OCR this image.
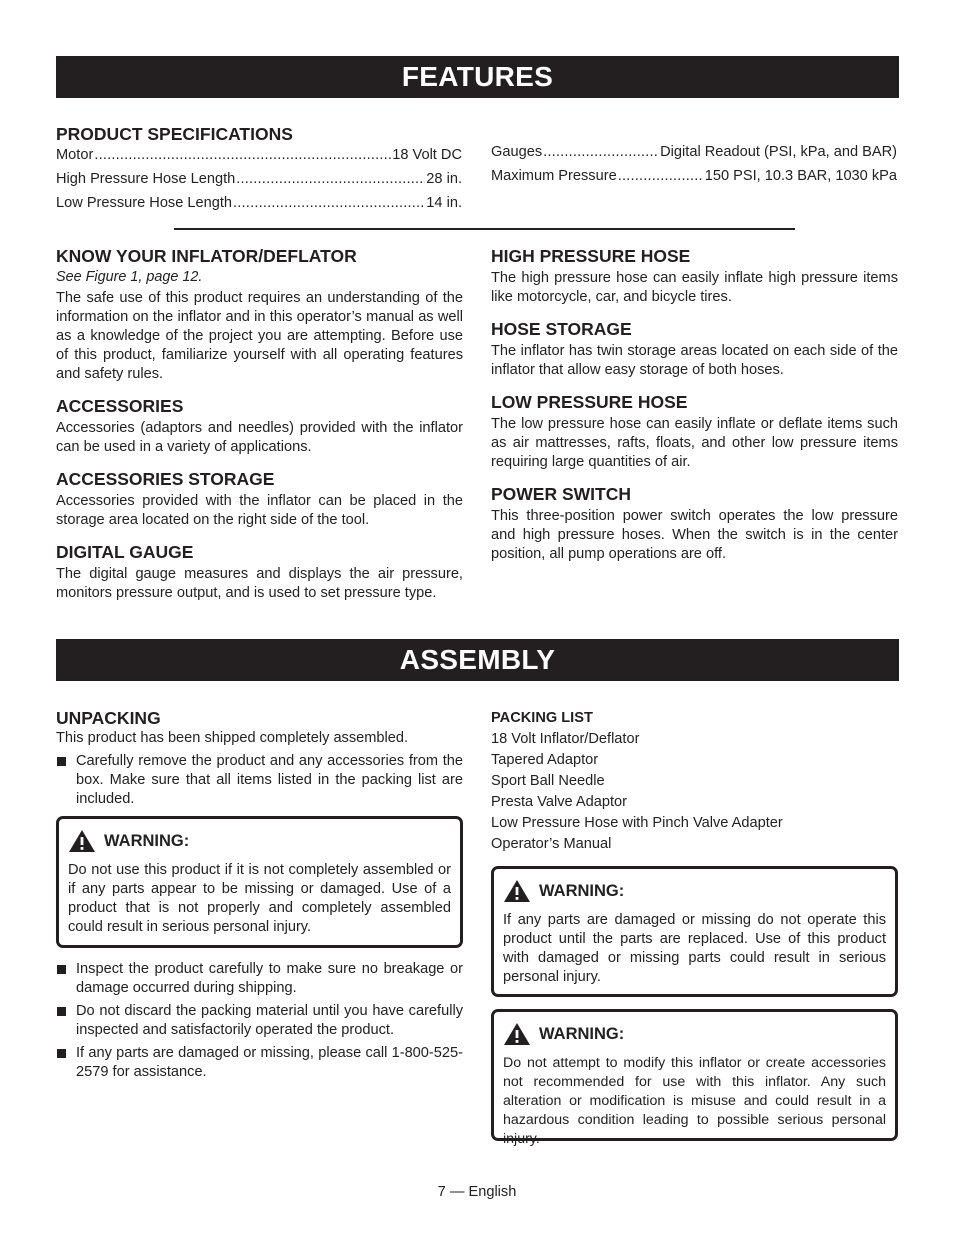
FEATURES
PRODUCT SPECIFICATIONS
Motor .....	18 Volt DC
High Pressure Hose Length .....	28 in.
Low Pressure Hose Length .....	14 in.
Gauges .....	Digital Readout (PSI, kPa, and BAR)
Maximum Pressure .....	150 PSI, 10.3 BAR, 1030 kPa
KNOW YOUR INFLATOR/DEFLATOR
See Figure 1, page 12.
The safe use of this product requires an understanding of the information on the inflator and in this operator’s manual as well as a knowledge of the project you are attempting. Before use of this product, familiarize yourself with all operating features and safety rules.
ACCESSORIES
Accessories (adaptors and needles) provided with the inflator can be used in a variety of applications.
ACCESSORIES STORAGE
Accessories provided with the inflator can be placed in the storage area located on the right side of the tool.
DIGITAL GAUGE
The digital gauge measures and displays the air pressure, monitors pressure output, and is used to set pressure type.
HIGH PRESSURE HOSE
The high pressure hose can easily inflate high pressure items like motorcycle, car, and bicycle tires.
HOSE STORAGE
The inflator has twin storage areas located on each side of the inflator that allow easy storage of both hoses.
LOW PRESSURE HOSE
The low pressure hose can easily inflate or deflate items such as air mattresses, rafts, floats, and other low pressure items requiring large quantities of air.
POWER SWITCH
This three-position power switch operates the low pressure and high pressure hoses. When the switch is in the center position, all pump operations are off.
ASSEMBLY
UNPACKING
This product has been shipped completely assembled.
Carefully remove the product and any accessories from the box. Make sure that all items listed in the packing list are included.
WARNING:
Do not use this product if it is not completely assembled or if any parts appear to be missing or damaged. Use of a product that is not properly and completely assembled could result in serious personal injury.
Inspect the product carefully to make sure no breakage or damage occurred during shipping.
Do not discard the packing material until you have carefully inspected and satisfactorily operated the product.
If any parts are damaged or missing, please call 1-800-525-2579 for assistance.
PACKING LIST
18 Volt Inflator/Deflator
Tapered Adaptor
Sport Ball Needle
Presta Valve Adaptor
Low Pressure Hose with Pinch Valve Adapter
Operator’s Manual
WARNING:
If any parts are damaged or missing do not operate this product until the parts are replaced. Use of this product with damaged or missing parts could result in serious personal injury.
WARNING:
Do not attempt to modify this inflator or create accessories not recommended for use with this inflator. Any such alteration or modification is misuse and could result in a hazardous condition leading to possible serious personal injury.
7 — English
